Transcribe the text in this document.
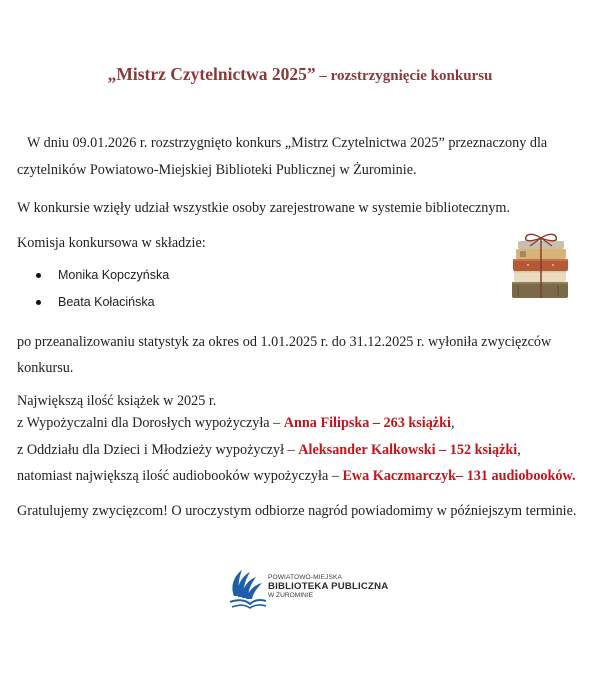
„Mistrz Czytelnictwa 2025” – rozstrzygnięcie konkursu
W dniu 09.01.2026 r. rozstrzygnięto konkurs „Mistrz Czytelnictwa 2025” przeznaczony dla
czytelników Powiatowo-Miejskiej Biblioteki Publicznej w Żurominie.
W konkursie wzięły udział wszystkie osoby zarejestrowane w systemie bibliotecznym.
Komisja konkursowa w składzie:
Monika Kopczyńska
Beata Kołacińska
po przeanalizowaniu statystyk za okres od 1.01.2025 r. do 31.12.2025 r. wyłoniła zwycięzców
konkursu.
Największą ilość książek w 2025 r.
z Wypożyczalni dla Dorosłych wypożyczyła – Anna Filipska – 263 książki,
z Oddziału dla Dzieci i Młodzieży wypożyczył – Aleksander Kalkowski – 152 książki,
natomiast największą ilość audiobooków wypożyczyła – Ewa Kaczmarczyk– 131 audiobooków.
Gratulujemy zwycięzcom! O uroczystym odbiorze nagród powiadomimy w późniejszym terminie.
POWIATOWO-MIEJSKA
BIBLIOTEKA PUBLICZNA
W ŻUROMINIE
